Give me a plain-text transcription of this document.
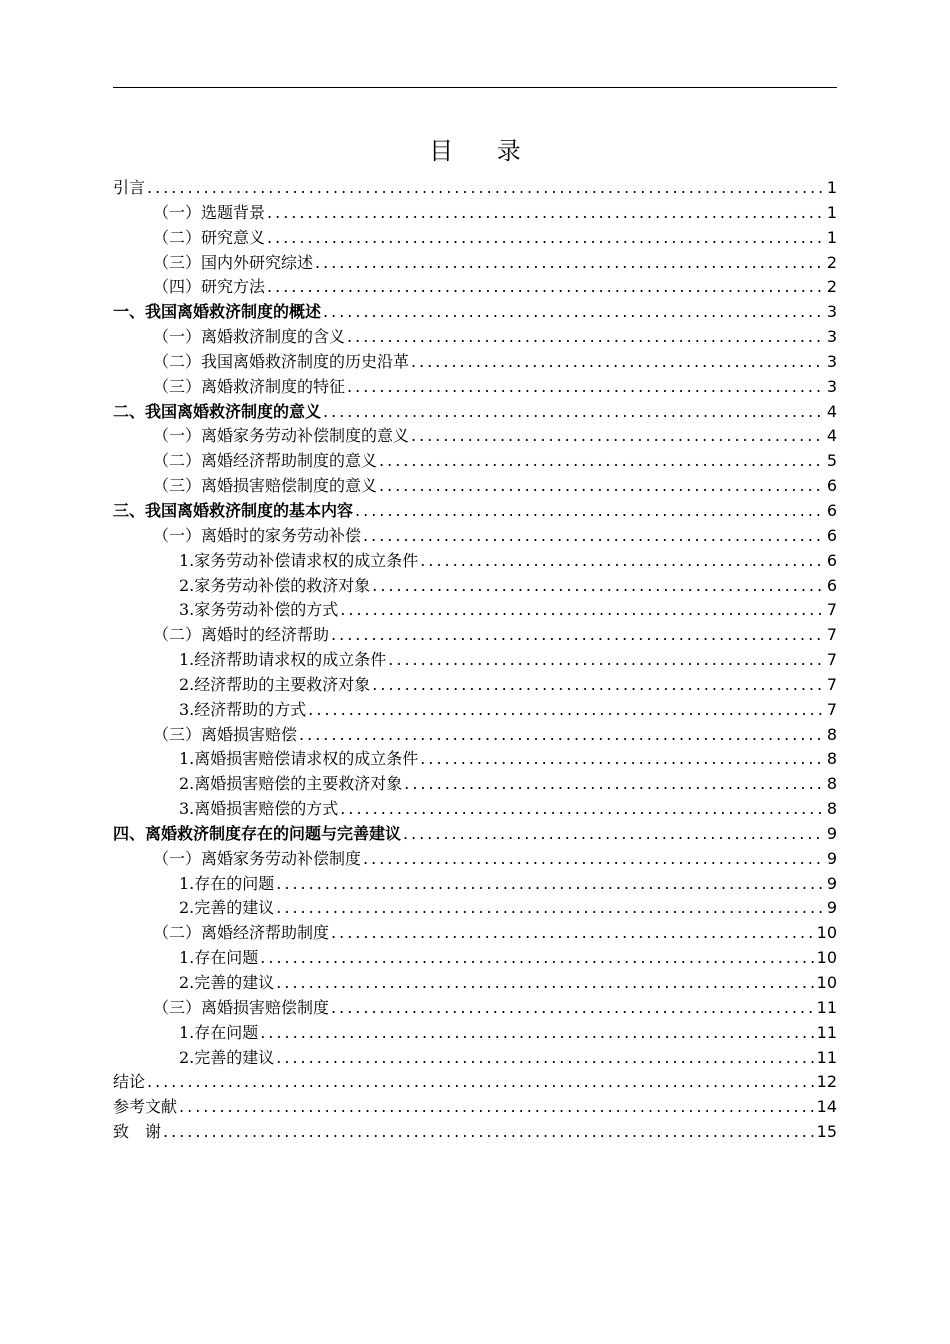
目 录
引言 .....	1
（一）选题背景 .....	1
（二）研究意义 .....	1
（三）国内外研究综述 .....	2
（四）研究方法 .....	2
一、我国离婚救济制度的概述 .....	3
（一）离婚救济制度的含义 .....	3
（二）我国离婚救济制度的历史沿革 .....	3
（三）离婚救济制度的特征 .....	3
二、我国离婚救济制度的意义 .....	4
（一）离婚家务劳动补偿制度的意义 .....	4
（二）离婚经济帮助制度的意义 .....	5
（三）离婚损害赔偿制度的意义 .....	6
三、我国离婚救济制度的基本内容 .....	6
（一）离婚时的家务劳动补偿 .....	6
1.家务劳动补偿请求权的成立条件 .....	6
2.家务劳动补偿的救济对象 .....	6
3.家务劳动补偿的方式 .....	7
（二）离婚时的经济帮助 .....	7
1.经济帮助请求权的成立条件 .....	7
2.经济帮助的主要救济对象 .....	7
3.经济帮助的方式 .....	7
（三）离婚损害赔偿 .....	8
1.离婚损害赔偿请求权的成立条件 .....	8
2.离婚损害赔偿的主要救济对象 .....	8
3.离婚损害赔偿的方式 .....	8
四、离婚救济制度存在的问题与完善建议 .....	9
（一）离婚家务劳动补偿制度 .....	9
1.存在的问题 .....	9
2.完善的建议 .....	9
（二）离婚经济帮助制度 .....	10
1.存在问题 .....	10
2.完善的建议 .....	10
（三）离婚损害赔偿制度 .....	11
1.存在问题 .....	11
2.完善的建议 .....	11
结论 .....	12
参考文献 .....	14
致　谢 .....	15
